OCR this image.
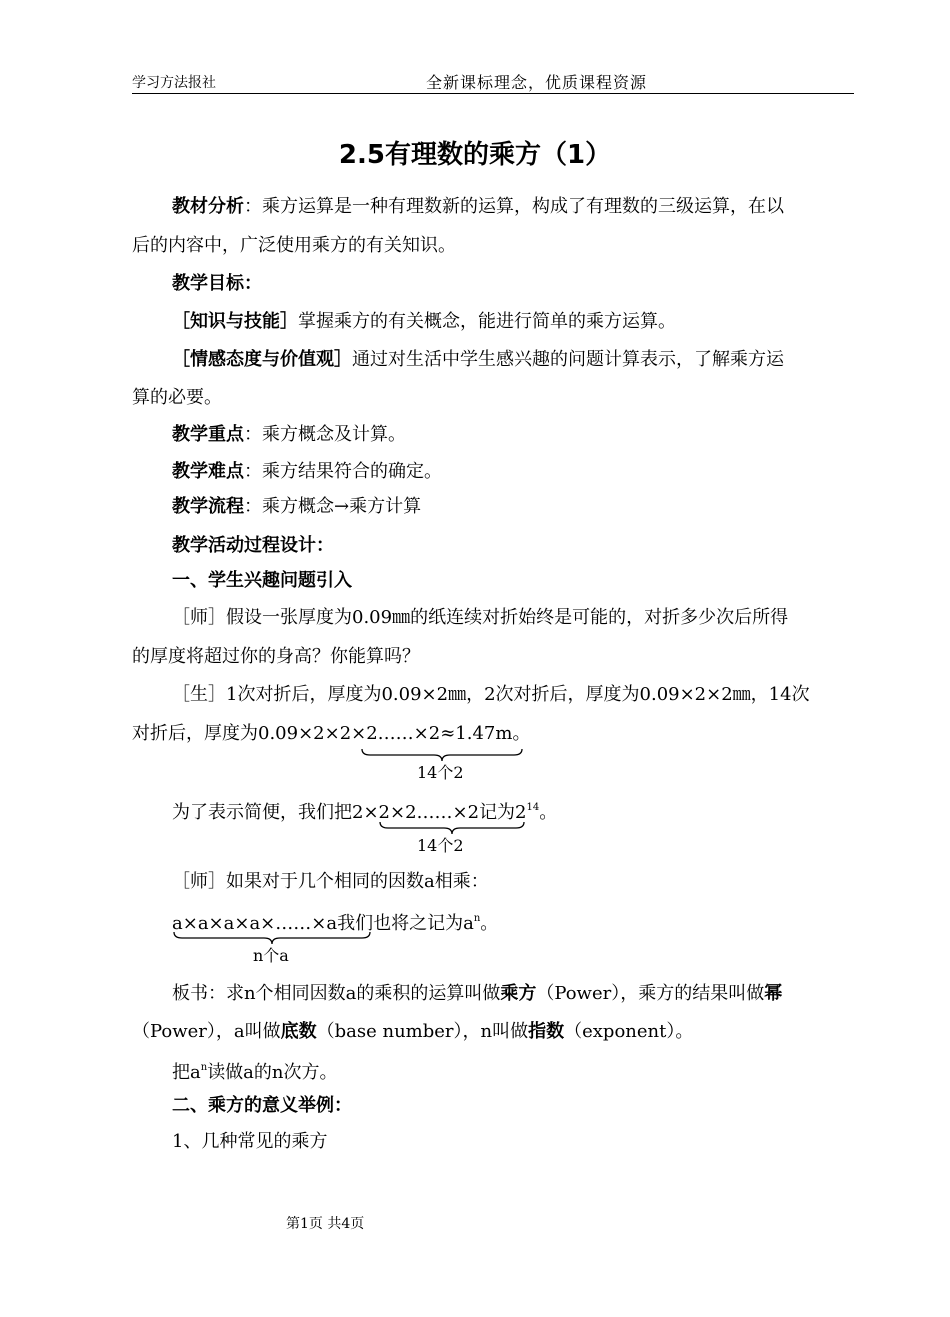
学习方法报社	全新课标理念，优质课程资源
2.5有理数的乘方（1）
教材分析：乘方运算是一种有理数新的运算，构成了有理数的三级运算，在以
后的内容中，广泛使用乘方的有关知识。
教学目标：
［知识与技能］掌握乘方的有关概念，能进行简单的乘方运算。
［情感态度与价值观］通过对生活中学生感兴趣的问题计算表示，了解乘方运
算的必要。
教学重点：乘方概念及计算。
教学难点：乘方结果符合的确定。
教学流程：乘方概念→乘方计算
教学活动过程设计：
一、学生兴趣问题引入
［师］假设一张厚度为0.09㎜的纸连续对折始终是可能的，对折多少次后所得
的厚度将超过你的身高？你能算吗？
［生］1次对折后，厚度为0.09×2㎜，2次对折后，厚度为0.09×2×2㎜，14次
对折后，厚度为0.09×2×2×2……×2≈1.47m。
14个2
为了表示简便，我们把2×2×2……×2记为$2^{14}$。
14个2
［师］如果对于几个相同的因数a相乘：
a×a×a×a×……×a我们也将之记为$a^n$。
n个a
板书：求n个相同因数a的乘积的运算叫做乘方（Power），乘方的结果叫做幂
（Power），a叫做底数（base number），n叫做指数（exponent）。
把$a^n$读做a的n次方。
二、乘方的意义举例：
1、几种常见的乘方
第1页 共4页
